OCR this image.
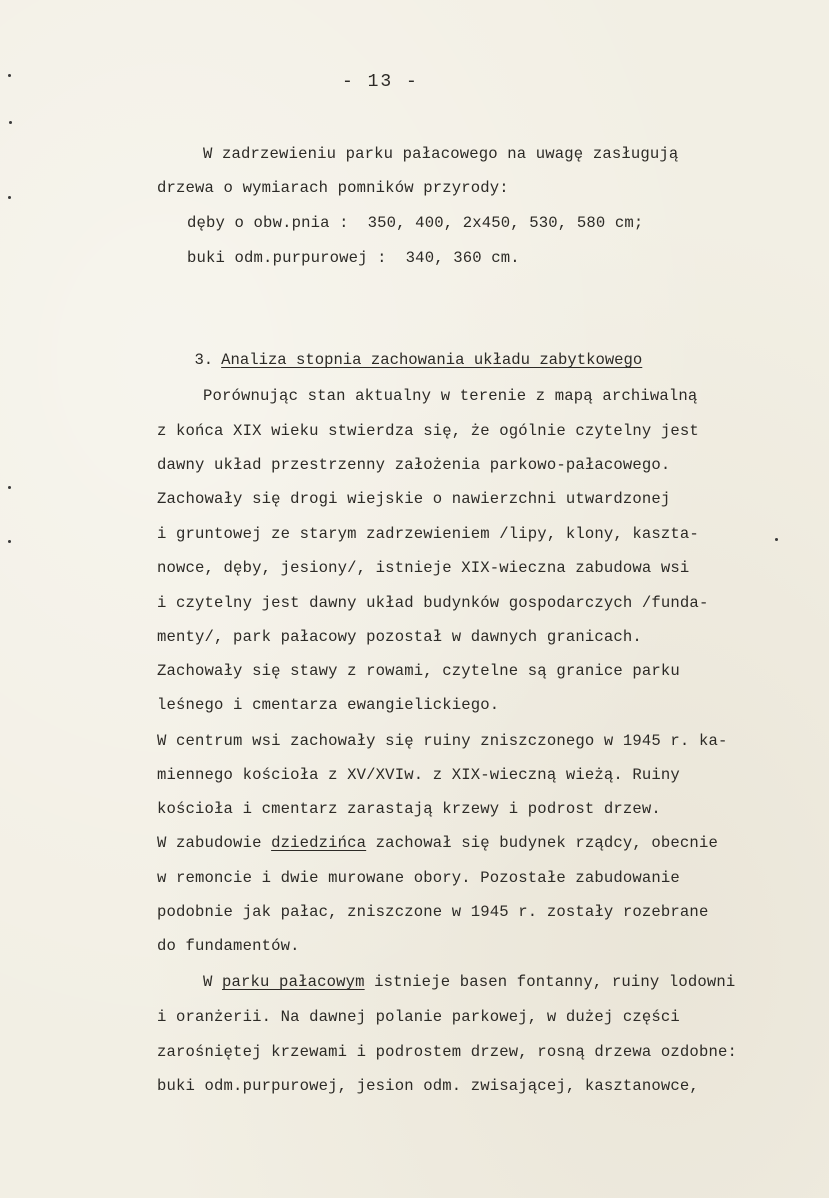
- 13 -
W zadrzewieniu parku pałacowego na uwagę zasługują
drzewa o wymiarach pomników przyrody:
dęby o obw.pnia :  350, 400, 2x450, 530, 580 cm;
buki odm.purpurowej :  340, 360 cm.

3. Analiza stopnia zachowania układu zabytkowego

Porównując stan aktualny w terenie z mapą archiwalną
z końca XIX wieku stwierdza się, że ogólnie czytelny jest
dawny układ przestrzenny założenia parkowo-pałacowego.
Zachowały się drogi wiejskie o nawierzchni utwardzonej
i gruntowej ze starym zadrzewieniem /lipy, klony, kaszta-
nowce, dęby, jesiony/, istnieje XIX-wieczna zabudowa wsi
i czytelny jest dawny układ budynków gospodarczych /funda-
menty/, park pałacowy pozostał w dawnych granicach.
Zachowały się stawy z rowami, czytelne są granice parku
leśnego i cmentarza ewangielickiego.
W centrum wsi zachowały się ruiny zniszczonego w 1945 r. ka-
miennego kościoła z XV/XVIw. z XIX-wieczną wieżą. Ruiny
kościoła i cmentarz zarastają krzewy i podrost drzew.
W zabudowie dziedzińca zachował się budynek rządcy, obecnie
w remoncie i dwie murowane obory. Pozostałe zabudowanie
podobnie jak pałac, zniszczone w 1945 r. zostały rozebrane
do fundamentów.
W parku pałacowym istnieje basen fontanny, ruiny lodowni
i oranżerii. Na dawnej polanie parkowej, w dużej części
zarośniętej krzewami i podrostem drzew, rosną drzewa ozdobne:
buki odm.purpurowej, jesion odm. zwisającej, kasztanowce,
